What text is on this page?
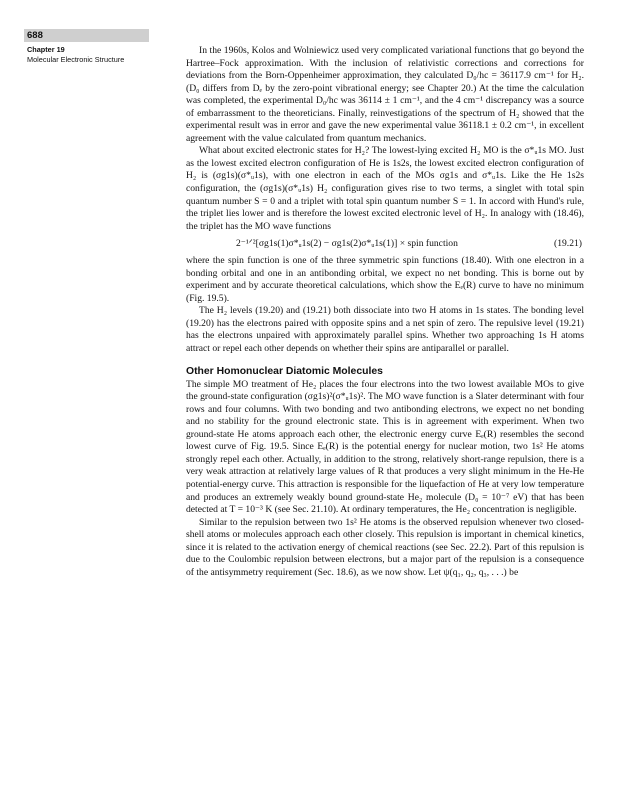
688
Chapter 19
Molecular Electronic Structure

In the 1960s, Kolos and Wolniewicz used very complicated variational functions that go beyond the Hartree–Fock approximation. With the inclusion of relativistic corrections and corrections for deviations from the Born-Oppenheimer approximation, they calculated D₀/hc = 36117.9 cm⁻¹ for H₂. (D₀ differs from Dₑ by the zero-point vibrational energy; see Chapter 20.) At the time the calculation was completed, the experimental D₀/hc was 36114 ± 1 cm⁻¹, and the 4 cm⁻¹ discrepancy was a source of embarrassment to the theoreticians. Finally, reinvestigations of the spectrum of H₂ showed that the experimental result was in error and gave the new experimental value 36118.1 ± 0.2 cm⁻¹, in excellent agreement with the value calculated from quantum mechanics.

What about excited electronic states for H₂? The lowest-lying excited H₂ MO is the σ*ᵤ1s MO. Just as the lowest excited electron configuration of He is 1s2s, the lowest excited electron configuration of H₂ is (σg1s)(σ*ᵤ1s), with one electron in each of the MOs σg1s and σ*ᵤ1s. Like the He 1s2s configuration, the (σg1s)(σ*ᵤ1s) H₂ configuration gives rise to two terms, a singlet with total spin quantum number S = 0 and a triplet with total spin quantum number S = 1. In accord with Hund's rule, the triplet lies lower and is therefore the lowest excited electronic level of H₂. In analogy with (18.46), the triplet has the MO wave functions

2⁻¹ᐟ²[σg1s(1)σ*ᵤ1s(2) − σg1s(2)σ*ᵤ1s(1)] × spin function	(19.21)

where the spin function is one of the three symmetric spin functions (18.40). With one electron in a bonding orbital and one in an antibonding orbital, we expect no net bonding. This is borne out by experiment and by accurate theoretical calculations, which show the Eₑ(R) curve to have no minimum (Fig. 19.5).

The H₂ levels (19.20) and (19.21) both dissociate into two H atoms in 1s states. The bonding level (19.20) has the electrons paired with opposite spins and a net spin of zero. The repulsive level (19.21) has the electrons unpaired with approximately parallel spins. Whether two approaching 1s H atoms attract or repel each other depends on whether their spins are antiparallel or parallel.

Other Homonuclear Diatomic Molecules

The simple MO treatment of He₂ places the four electrons into the two lowest available MOs to give the ground-state configuration (σg1s)²(σ*ᵤ1s)². The MO wave function is a Slater determinant with four rows and four columns. With two bonding and two antibonding electrons, we expect no net bonding and no stability for the ground electronic state. This is in agreement with experiment. When two ground-state He atoms approach each other, the electronic energy curve Eₑ(R) resembles the second lowest curve of Fig. 19.5. Since Eₑ(R) is the potential energy for nuclear motion, two 1s² He atoms strongly repel each other. Actually, in addition to the strong, relatively short-range repulsion, there is a very weak attraction at relatively large values of R that produces a very slight minimum in the He-He potential-energy curve. This attraction is responsible for the liquefaction of He at very low temperature and produces an extremely weakly bound ground-state He₂ molecule (D₀ = 10⁻⁷ eV) that has been detected at T = 10⁻³ K (see Sec. 21.10). At ordinary temperatures, the He₂ concentration is negligible.

Similar to the repulsion between two 1s² He atoms is the observed repulsion whenever two closed-shell atoms or molecules approach each other closely. This repulsion is important in chemical kinetics, since it is related to the activation energy of chemical reactions (see Sec. 22.2). Part of this repulsion is due to the Coulombic repulsion between electrons, but a major part of the repulsion is a consequence of the antisymmetry requirement (Sec. 18.6), as we now show. Let ψ(q₁, q₂, q₃, . . .) be
